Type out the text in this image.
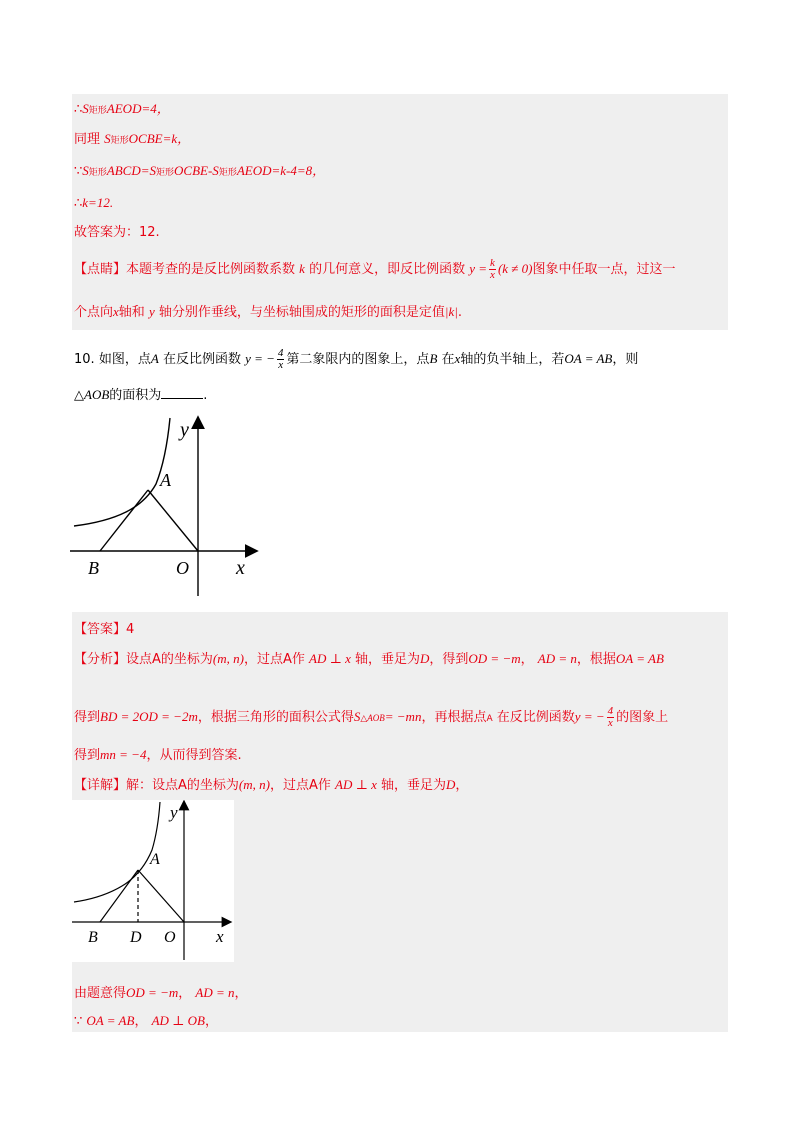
∴S矩形AEOD=4，
同理 S矩形OCBE=k，
∵S矩形ABCD=S矩形OCBE-S矩形AEOD=k-4=8，
∴k=12.
故答案为：12.
【点睛】本题考查的是反比例函数系数 k 的几何意义，即反比例函数 $y = \frac{k}{x} (k \ne 0)$图象中任取一点，过这一
个点向x轴和 y 轴分别作垂线，与坐标轴围成的矩形的面积是定值|k|.
10. 如图，点A 在反比例函数 y = − $\frac{4}{x}$ 第二象限内的图象上，点B 在x轴的负半轴上，若OA = AB，则
△AOB的面积为	.
y
A
B	O x
【答案】4
【分析】设点A的坐标为(m, n)，过点A作 AD ⊥ x 轴，垂足为D，得到OD = −m， AD = n，根据OA = AB
得到BD = 2OD = −2m，根据三角形的面积公式得S△AOB= −mn，再根据点A 在反比例函数y = − $\frac{4}{x}$ 的图象上
得到mn = −4，从而得到答案.
【详解】解：设点A的坐标为(m, n)，过点A作 AD ⊥ x 轴，垂足为D，
y
A
B D O x
由题意得OD = −m， AD = n，
∵ OA = AB， AD ⊥ OB，
